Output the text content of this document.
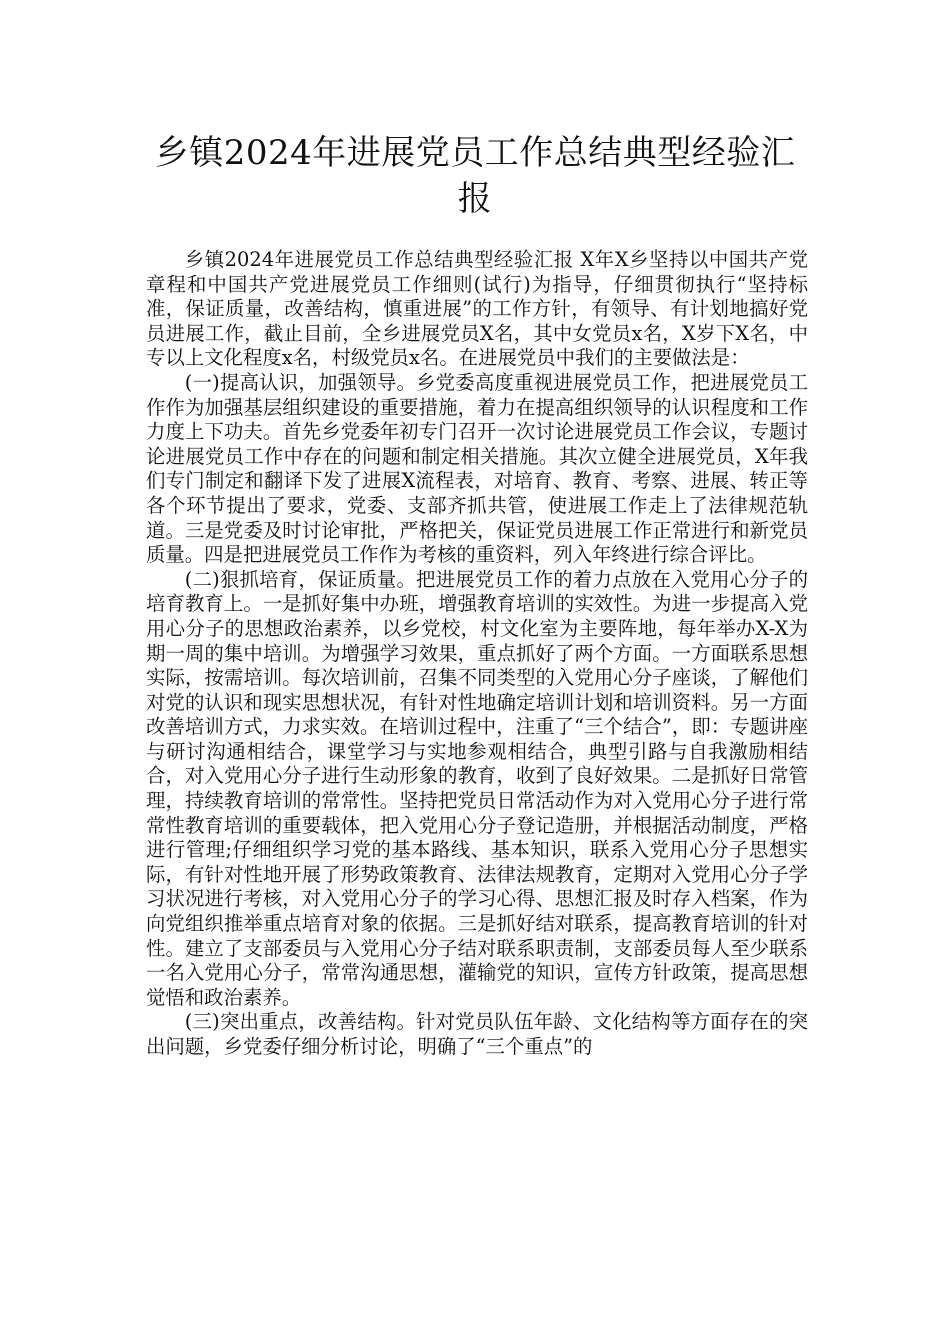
乡镇2024年进展党员工作总结典型经验汇报

乡镇2024年进展党员工作总结典型经验汇报 X年X乡坚持以中国共产党章程和中国共产党进展党员工作细则(试行)为指导，仔细贯彻执行“坚持标准，保证质量，改善结构，慎重进展”的工作方针，有领导、有计划地搞好党员进展工作，截止目前，全乡进展党员X名，其中女党员x名，X岁下X名，中专以上文化程度x名，村级党员x名。在进展党员中我们的主要做法是：

(一)提高认识，加强领导。乡党委高度重视进展党员工作，把进展党员工作作为加强基层组织建设的重要措施，着力在提高组织领导的认识程度和工作力度上下功夫。首先乡党委年初专门召开一次讨论进展党员工作会议，专题讨论进展党员工作中存在的问题和制定相关措施。其次立健全进展党员，X年我们专门制定和翻译下发了进展X流程表，对培育、教育、考察、进展、转正等各个环节提出了要求，党委、支部齐抓共管，使进展工作走上了法律规范轨道。三是党委及时讨论审批，严格把关，保证党员进展工作正常进行和新党员质量。四是把进展党员工作作为考核的重资料，列入年终进行综合评比。

(二)狠抓培育，保证质量。把进展党员工作的着力点放在入党用心分子的培育教育上。一是抓好集中办班，增强教育培训的实效性。为进一步提高入党用心分子的思想政治素养，以乡党校，村文化室为主要阵地，每年举办X-X为期一周的集中培训。为增强学习效果，重点抓好了两个方面。一方面联系思想实际，按需培训。每次培训前，召集不同类型的入党用心分子座谈，了解他们对党的认识和现实思想状况，有针对性地确定培训计划和培训资料。另一方面改善培训方式，力求实效。在培训过程中，注重了“三个结合”，即：专题讲座与研讨沟通相结合，课堂学习与实地参观相结合，典型引路与自我激励相结合，对入党用心分子进行生动形象的教育，收到了良好效果。二是抓好日常管理，持续教育培训的常常性。坚持把党员日常活动作为对入党用心分子进行常常性教育培训的重要载体，把入党用心分子登记造册，并根据活动制度，严格进行管理;仔细组织学习党的基本路线、基本知识，联系入党用心分子思想实际，有针对性地开展了形势政策教育、法律法规教育，定期对入党用心分子学习状况进行考核，对入党用心分子的学习心得、思想汇报及时存入档案，作为向党组织推举重点培育对象的依据。三是抓好结对联系，提高教育培训的针对性。建立了支部委员与入党用心分子结对联系职责制，支部委员每人至少联系一名入党用心分子，常常沟通思想，灌输党的知识，宣传方针政策，提高思想觉悟和政治素养。

(三)突出重点，改善结构。针对党员队伍年龄、文化结构等方面存在的突出问题，乡党委仔细分析讨论，明确了“三个重点”的
